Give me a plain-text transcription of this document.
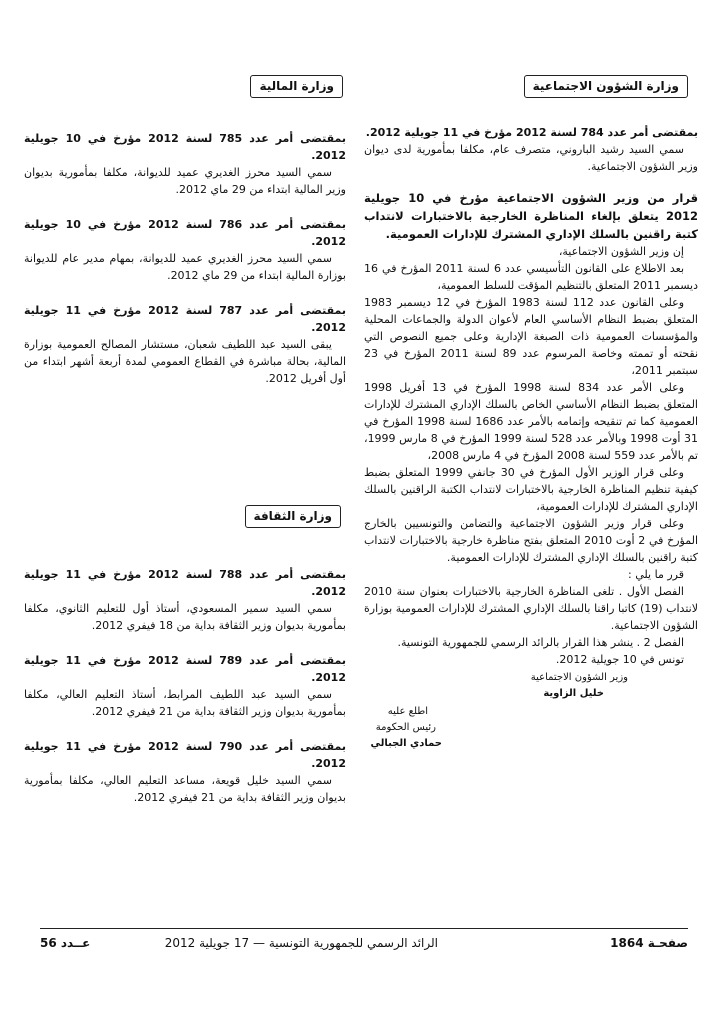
وزارة الشؤون الاجتماعية
وزارة المالية

بمقتضى أمر عدد 784 لسنة 2012 مؤرخ في 11 جويلية 2012.

سمي السيد رشيد الباروني، متصرف عام، مكلفا بمأمورية لدى ديوان وزير الشؤون الاجتماعية.

قرار من وزير الشؤون الاجتماعية مؤرخ في 10 جويلية 2012 يتعلق بإلغاء المناظرة الخارجية بالاختبارات لانتداب كتبة راقنين بالسلك الإداري المشترك للإدارات العمومية.

إن وزير الشؤون الاجتماعية،

بعد الاطلاع على القانون التأسيسي عدد 6 لسنة 2011 المؤرخ في 16 ديسمبر 2011 المتعلق بالتنظيم المؤقت للسلط العمومية،

وعلى القانون عدد 112 لسنة 1983 المؤرخ في 12 ديسمبر 1983 المتعلق بضبط النظام الأساسي العام لأعوان الدولة والجماعات المحلية والمؤسسات العمومية ذات الصبغة الإدارية وعلى جميع النصوص التي نقحته أو تممته وخاصة المرسوم عدد 89 لسنة 2011 المؤرخ في 23 سبتمبر 2011،

وعلى الأمر عدد 834 لسنة 1998 المؤرخ في 13 أفريل 1998 المتعلق بضبط النظام الأساسي الخاص بالسلك الإداري المشترك للإدارات العمومية كما تم تنقيحه وإتمامه بالأمر عدد 1686 لسنة 1998 المؤرخ في 31 أوت 1998 وبالأمر عدد 528 لسنة 1999 المؤرخ في 8 مارس 1999، تم بالأمر عدد 559 لسنة 2008 المؤرخ في 4 مارس 2008،

وعلى قرار الوزير الأول المؤرخ في 30 جانفي 1999 المتعلق بضبط كيفية تنظيم المناظرة الخارجية بالاختبارات لانتداب الكتبة الراقنين بالسلك الإداري المشترك للإدارات العمومية،

وعلى قرار وزير الشؤون الاجتماعية والتضامن والتونسيين بالخارج المؤرخ في 2 أوت 2010 المتعلق بفتح مناظرة خارجية بالاختبارات لانتداب كتبة راقنين بالسلك الإداري المشترك للإدارات العمومية.

قرر ما يلي :

الفصل الأول . تلغى المناظرة الخارجية بالاختبارات بعنوان سنة 2010 لانتداب (19) كاتبا راقنا بالسلك الإداري المشترك للإدارات العمومية بوزارة الشؤون الاجتماعية.

الفصل 2 . ينشر هذا القرار بالرائد الرسمي للجمهورية التونسية.

تونس في 10 جويلية 2012.

وزير الشؤون الاجتماعية
خليل الزاوية
اطلع عليه
رئيس الحكومة
حمادي الجبالي

بمقتضى أمر عدد 785 لسنة 2012 مؤرخ في 10 جويلية 2012.

سمي السيد محرز الغديري عميد للديوانة، مكلفا بمأمورية بديوان وزير المالية ابتداء من 29 ماي 2012.

بمقتضى أمر عدد 786 لسنة 2012 مؤرخ في 10 جويلية 2012.

سمي السيد محرز الغديري عميد للديوانة، بمهام مدير عام للديوانة بوزارة المالية ابتداء من 29 ماي 2012.

بمقتضى أمر عدد 787 لسنة 2012 مؤرخ في 11 جويلية 2012.

يبقى السيد عبد اللطيف شعبان، مستشار المصالح العمومية بوزارة المالية، بحالة مباشرة في القطاع العمومي لمدة أربعة أشهر ابتداء من أول أفريل 2012.

وزارة الثقافة

بمقتضى أمر عدد 788 لسنة 2012 مؤرخ في 11 جويلية 2012.

سمي السيد سمير المسعودي، أستاذ أول للتعليم الثانوي، مكلفا بمأمورية بديوان وزير الثقافة بداية من 18 فيفري 2012.

بمقتضى أمر عدد 789 لسنة 2012 مؤرخ في 11 جويلية 2012.

سمي السيد عبد اللطيف المرابط، أستاذ التعليم العالي، مكلفا بمأمورية بديوان وزير الثقافة بداية من 21 فيفري 2012.

بمقتضى أمر عدد 790 لسنة 2012 مؤرخ في 11 جويلية 2012.

سمي السيد خليل قويعة، مساعد التعليم العالي، مكلفا بمأمورية بديوان وزير الثقافة بداية من 21 فيفري 2012.

صفحـة 1864
الرائد الرسمي للجمهورية التونسية — 17 جويلية 2012
عــدد 56
